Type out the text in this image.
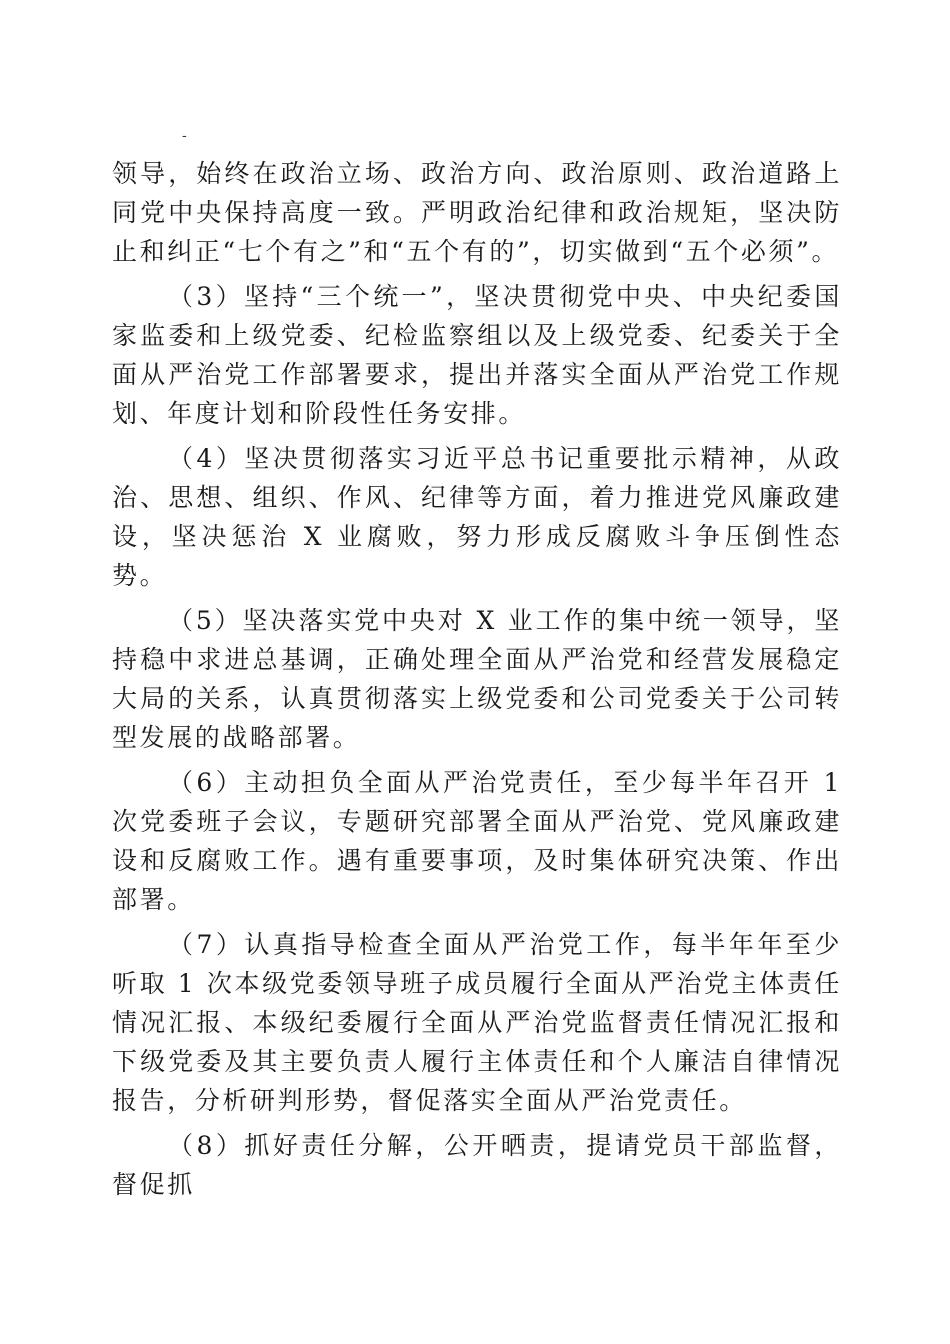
-

领导，始终在政治立场、政治方向、政治原则、政治道路上同党中央保持高度一致。严明政治纪律和政治规矩，坚决防止和纠正“七个有之”和“五个有的”，切实做到“五个必须”。

（3）坚持“三个统一”，坚决贯彻党中央、中央纪委国家监委和上级党委、纪检监察组以及上级党委、纪委关于全面从严治党工作部署要求，提出并落实全面从严治党工作规划、年度计划和阶段性任务安排。

（4）坚决贯彻落实习近平总书记重要批示精神，从政治、思想、组织、作风、纪律等方面，着力推进党风廉政建设，坚决惩治 X 业腐败，努力形成反腐败斗争压倒性态势。

（5）坚决落实党中央对 X 业工作的集中统一领导，坚持稳中求进总基调，正确处理全面从严治党和经营发展稳定大局的关系，认真贯彻落实上级党委和公司党委关于公司转型发展的战略部署。

（6）主动担负全面从严治党责任，至少每半年召开 1 次党委班子会议，专题研究部署全面从严治党、党风廉政建设和反腐败工作。遇有重要事项，及时集体研究决策、作出部署。

（7）认真指导检查全面从严治党工作，每半年年至少听取 1 次本级党委领导班子成员履行全面从严治党主体责任情况汇报、本级纪委履行全面从严治党监督责任情况汇报和下级党委及其主要负责人履行主体责任和个人廉洁自律情况报告，分析研判形势，督促落实全面从严治党责任。

（8）抓好责任分解，公开晒责，提请党员干部监督，督促抓
